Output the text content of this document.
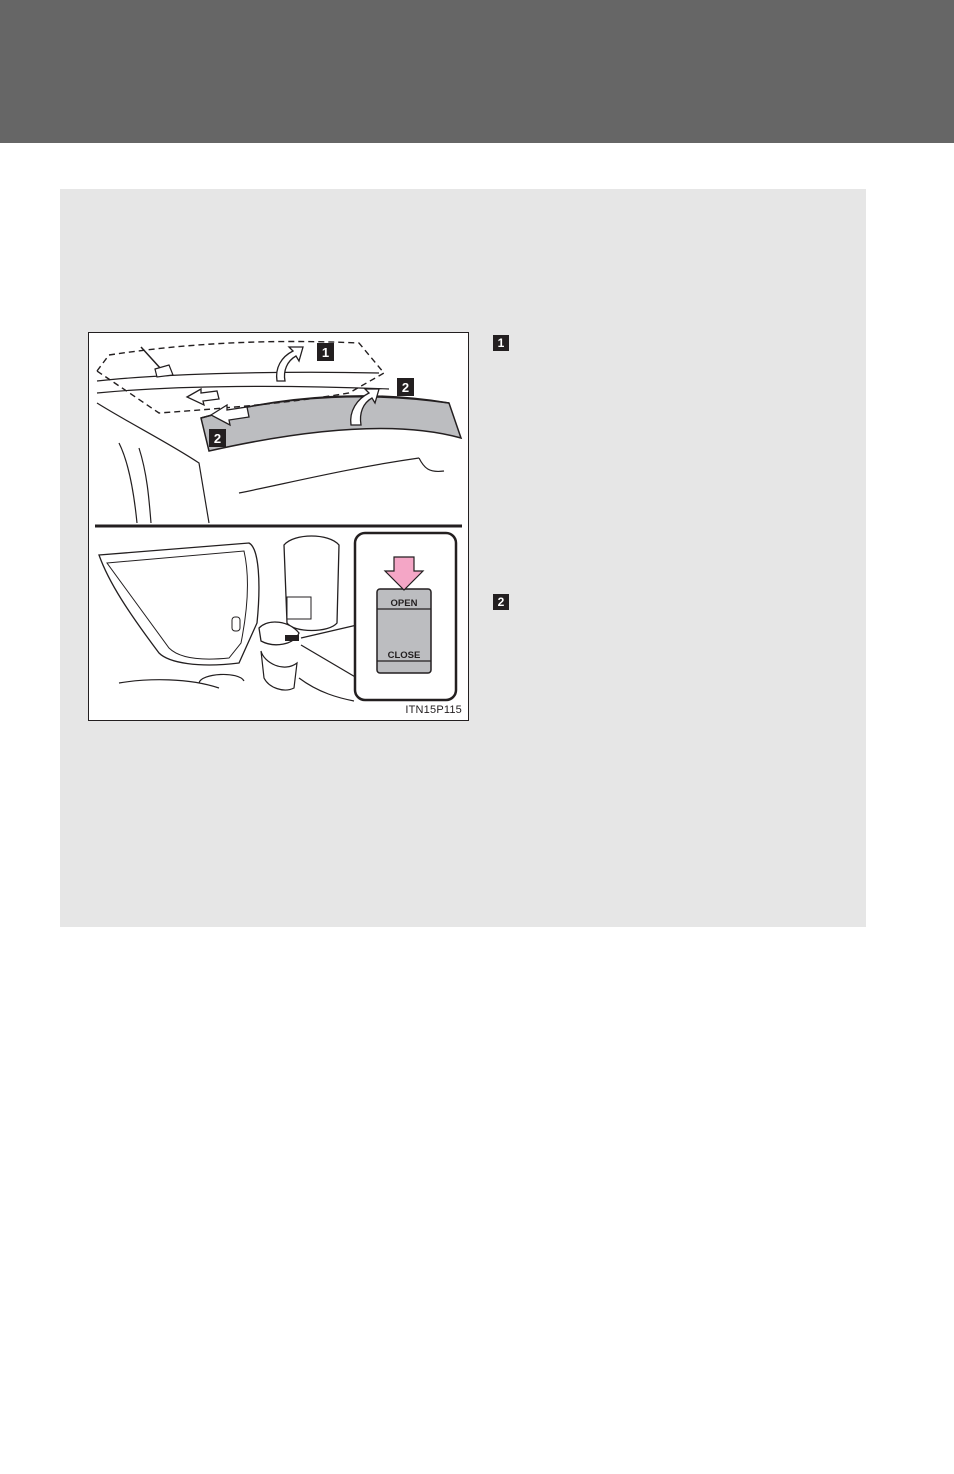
1
2
2
OPEN
CLOSE
ITN15P115
1
2
